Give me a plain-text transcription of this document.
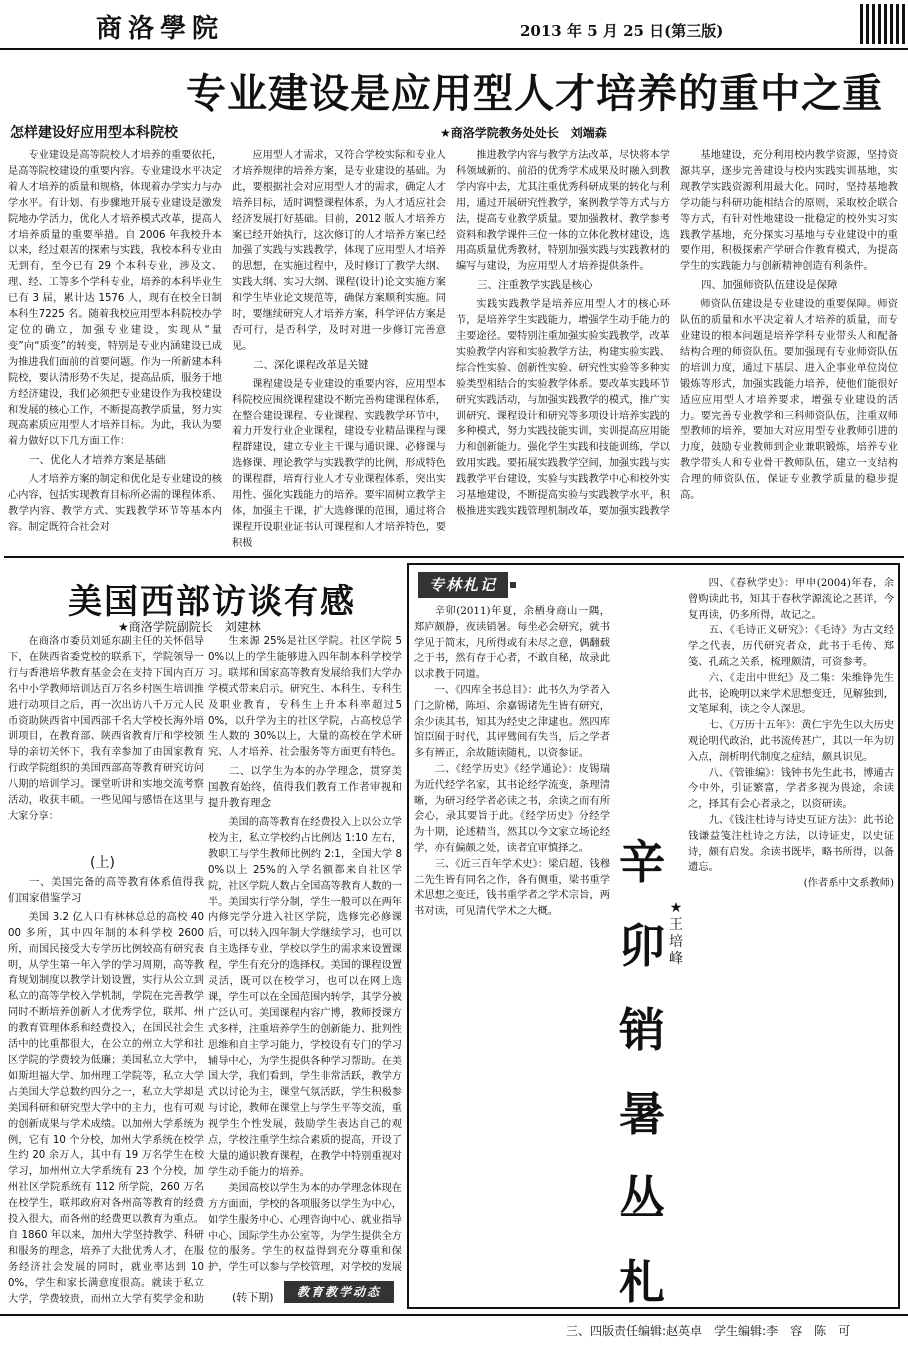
商洛學院	2013 年 5 月 25 日(第三版)
专业建设是应用型人才培养的重中之重
怎样建设好应用型本科院校	★商洛学院教务处处长　刘端森

专业建设是高等院校人才培养的重要依托，是高等院校建设的重要内容。专业建设水平决定着人才培养的质量和规格，体现着办学实力与办学水平。有计划、有步骤地开展专业建设是激发院地办学活力，优化人才培养模式改革，提高人才培养质量的重要举措。自 2006 年我校升本以来，经过艰苦的探索与实践，我校本科专业由无到有，至今已有 29 个本科专业，涉及文、理、经、工等多个学科专业，培养的本科毕业生已有 3 届，累计达 1576 人，现有在校全日制本科生7225 名。随着我校应用型本科院校办学定位的确立，加强专业建设，实现从“量变”向“质变”的转变，特别是专业内涵建设已成为推进我们面前的首要问题。作为一所新建本科院校，要认清形势不失足，提高品质，服务于地方经济建设，我们必须把专业建设作为我校建设和发展的核心工作，不断提高教学质量，努力实现高素质应用型人才培养目标。为此，我认为要着力做好以下几方面工作：

一、优化人才培养方案是基础

人才培养方案的制定和优化是专业建设的核心内容，包括实现教育目标所必需的课程体系、教学内容、教学方式、实践教学环节等基本内容。制定既符合社会对

应用型人才需求，又符合学校实际和专业人才培养规律的培养方案，是专业建设的基础。为此，要根据社会对应用型人才的需求，确定人才培养目标，适时调整课程体系，为人才适应社会经济发展打好基础。目前，2012 版人才培养方案已经开始执行，这次修订的人才培养方案已经加强了实践与实践教学，体现了应用型人才培养的思想，在实施过程中，及时修订了教学大纲、实践大纲、实习大纲、课程(设计)论文实施方案和学生毕业论文规范等，确保方案顺利实施。同时，要继续研究人才培养方案，科学评估方案是否可行，是否科学，及时对进一步修订完善意见。

二、深化课程改革是关键

课程建设是专业建设的重要内容，应用型本科院校应围绕课程建设不断完善构建课程体系，在整合建设课程、专业课程、实践教学环节中，着力开发行业企业课程，建设专业精品课程与课程群建设，建立专业主干课与通识课、必修课与选修课、理论教学与实践教学的比例，形成特色的课程群，培育行业人才专业课程体系，突出实用性、强化实践能力的培养。要牢固树立教学主体，加强主干课，扩大选修课的范围，通过将合课程开设职业证书认可课程和人才培养特色，要积极

推进教学内容与教学方法改革，尽快将本学科领域新的、前沿的优秀学术成果及时融入到教学内容中去，尤其注重优秀科研成果的转化与利用，通过开展研究性教学，案例教学等方式与方法，提高专业教学质量。要加强教材、教学参考资料和教学课件三位一体的立体化教材建设，选用高质量优秀教材，特别加强实践与实践教材的编写与建设，为应用型人才培养提供条件。

三、注重教学实践是核心

实践实践教学是培养应用型人才的核心环节，是培养学生实践能力，增强学生动手能力的主要途径。要特别注重加强实验实践教学，改革实验教学内容和实验教学方法，构建实验实践、综合性实验、创新性实验、研究性实验等多种实验类型相结合的实验教学体系。要改革实践环节研究实践活动，与加强实践教学的模式，推广实训研究、课程设计和研究等多项设计培养实践的多种模式，努力实践技能实训，实训提高应用能力和创新能力。强化学生实践和技能训练，学以致用实践。要拓展实践教学空间，加强实践与实践教学平台建设，实验与实践教学中心和校外实习基地建设，不断提高实验与实践教学水平，积极推进实践实践管理机制改革，要加强实践教学

基地建设，充分利用校内教学资源，坚持资源共享，逐步完善建设与校内实践实训基地，实现教学实践资源利用最大化。同时，坚持基地教学功能与科研功能相结合的原则，采取校企联合等方式，有针对性地建设一批稳定的校外实习实践教学基地，充分探实习基地与专业建设中的重要作用，积极探索产学研合作教育模式，为提高学生的实践能力与创新精神创造有利条件。

四、加强师资队伍建设是保障

师资队伍建设是专业建设的重要保障。师资队伍的质量和水平决定着人才培养的质量，而专业建设的根本问题是培养学科专业带头人和配备结构合理的师资队伍。要加强现有专业师资队伍的培训力度，通过下基层、进入企事业单位岗位锻炼等形式，加强实践能力培养，使他们能很好适应应用型人才培养要求，增强专业建设的活力。要完善专业教学和三科师资队伍，注重双师型教师的培养，要加大对应用型专业教师引进的力度，鼓励专业教师到企业兼职锻炼，培养专业教学带头人和专业骨干教师队伍，建立一支结构合理的师资队伍，保证专业教学质量的稳步提高。

美国西部访谈有感
★商洛学院副院长　刘建林

在商洛市委员刘延东副主任的关怀倡导下，在陕西省委党校的联系下，学院领导一行与香港培华教育基金会在支持下国内百万名中小学教师培训达百万名乡村医生培训推进行动项目之后，再一次出访八千万元人民币资助陕西省中国西部千名大学校长海外培训项目，在教育部、陕西省教育厅和学校领导的亲切关怀下，我有幸参加了由国家教育行政学院组织的美国西部高等教育研究访问八期的培训学习。课堂听讲和实地交流考察活动，收获丰硕。一些见闻与感悟在这里与大家分享：

(上)
一、美国完备的高等教育体系值得我们国家借鉴学习

美国 3.2 亿人口有林林总总的高校 4000 多所，其中四年制的本科学校 2600 所，而国民接受大专学历比例较高有研究表明，从学生第一年入学的学习周期，高等教育规划制度以教学计划设置，实行从公立到私立的高等学校入学机制，学院在完善教学同时不断培养创新人才优秀学位，联邦、州的教育管理体系和经费投入，在国民社会生活中的比重都很大，在公立的州立大学和社区学院的学费较为低廉；美国私立大学中，如斯坦福大学、加州理工学院等，私立大学占美国大学总数约四分之一，私立大学却是美国科研和研究型大学中的主力，也有可观的创新成果与学术成绩。以加州大学系统为例，它有 10 个分校，加州大学系统在校学生约 20 余万人，其中有 19 万名学生在校学习，加州州立大学系统有 23 个分校，加州社区学院系统有 112 所学院，260 万名在校学生，联邦政府对各州高等教育的经费投入很大，而各州的经费更以教育为重点。自 1860 年以来，加州大学坚持教学、科研和服务的理念，培养了大批优秀人才，在服务经济社会发展的同时，就业率达到 100%，学生和家长满意度很高。就读于私立大学，学费较贵，而州立大学有奖学金和助

生来源 25%是社区学院。社区学院 50%以上的学生能够进入四年制本科学校学习。联邦和国家高等教育发展给我们大学办学模式带来启示。研究生、本科生、专科生及职业教育，专科生上升本科率超过50%，以升学为主的社区学院，占高校总学生人数的 30%以上，大量的高校在学术研究、人才培养、社会服务等方面更有特色。

二、以学生为本的办学理念，贯穿美国教育始终，值得我们教育工作者审视和提升教育理念

美国的高等教育在经费投入上以公立学校为主，私立学校约占比例达 1:10 左右，教职工与学生教师比例约 2:1，全国大学 80%以上 25%的入学名额都来自社区学院，社区学院人数占全国高等教育人数的一半。美国实行学分制，学生一般可以在两年内修完学分进入社区学院，选修完必修课后，可以转入四年制大学继续学习，也可以自主选择专业，学校以学生的需求来设置课程，学生有充分的选择权。美国的课程设置灵活，既可以在校学习，也可以在网上选课，学生可以在全国范围内转学，其学分被广泛认可。美国课程内容广博，教师授课方式多样，注重培养学生的创新能力、批判性思维和自主学习能力，学校设有专门的学习辅导中心，为学生提供各种学习帮助。在美国大学，我们看到，学生非常活跃，教学方式以讨论为主，课堂气氛活跃，学生积极参与讨论，教师在课堂上与学生平等交流，重视学生个性发展，鼓励学生表达自己的观点，学校注重学生综合素质的提高，开设了大量的通识教育课程，在教学中特别重视对学生动手能力的培养。

美国高校以学生为本的办学理念体现在方方面面，学校的各项服务以学生为中心，如学生服务中心、心理咨询中心、就业指导中心、国际学生办公室等，为学生提供全方位的服务。学生的权益得到充分尊重和保护，学生可以参与学校管理，对学校的发展

(转下期)	教育教学动态
专林札记

辛卯(2011)年夏，余栖身商山一隅，郑庐颇静，夜读销暑。每坐必会研究，就书学见于简末，凡所得或有未尽之意，偶翻载之于书，然有存于心者，不敢自秘，故录此以求教于同道。

一、《四库全书总目》：此书久为学者入门之阶梯，陈垣、余嘉锡诸先生皆有研究，余少读其书，知其为经史之津逮也。然四库馆臣囿于时代，其评骘间有失当，后之学者多有辨正，余故随读随札，以资参证。

二、《经学历史》《经学通论》：皮锡瑞为近代经学名家，其书论经学流变，条理清晰，为研习经学者必读之书，余读之而有所会心，录其要旨于此。《经学历史》分经学为十期，论述精当，然其以今文家立场论经学，亦有偏颇之处，读者宜审慎择之。

三、《近三百年学术史》：梁启超、钱穆二先生皆有同名之作，各有侧重，梁书重学术思想之变迁，钱书重学者之学术宗旨，两书对读，可见清代学术之大概。

辛卯销暑丛札
★王培峰

四、《春秋学史》：甲申(2004)年春，余曾购读此书，知其于春秋学源流论之甚详，今复再读，仍多所得，故记之。

五、《毛诗正义研究》：《毛诗》为古文经学之代表，历代研究者众，此书于毛传、郑笺、孔疏之关系，梳理颇清，可资参考。

六、《走出中世纪》及二集：朱维铮先生此书，论晚明以来学术思想变迁，见解独到，文笔犀利，读之令人深思。

七、《万历十五年》：黄仁宇先生以大历史观论明代政治，此书流传甚广，其以一年为切入点，剖析明代制度之症结，颇具识见。

八、《管锥编》：钱钟书先生此书，博通古今中外，引证繁富，学者多视为畏途，余读之，择其有会心者录之，以资研读。

九、《钱注杜诗与诗史互证方法》：此书论钱谦益笺注杜诗之方法，以诗证史，以史证诗，颇有启发。余读书既毕，略书所得，以备遗忘。

(作者系中文系教师)

三、四版责任编辑:赵英卓　学生编辑:李　容　陈　可
